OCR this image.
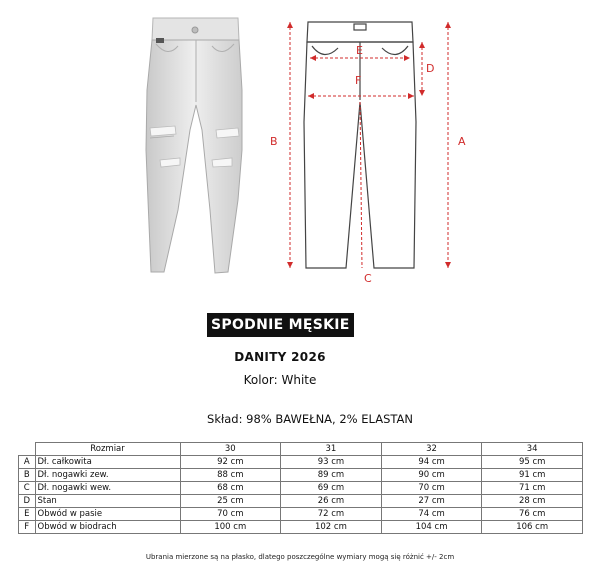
A
B
C
D
E
F
SPODNIE MĘSKIE
DANITY 2026
Kolor: White
Skład: 98% BAWEŁNA, 2% ELASTAN
	Rozmiar	30	31	32	34
A	Dł. całkowita	92 cm	93 cm	94 cm	95 cm
B	Dł. nogawki zew.	88 cm	89 cm	90 cm	91 cm
C	Dł. nogawki wew.	68 cm	69 cm	70 cm	71 cm
D	Stan	25 cm	26 cm	27 cm	28 cm
E	Obwód w pasie	70 cm	72 cm	74 cm	76 cm
F	Obwód w biodrach	100 cm	102 cm	104 cm	106 cm
Ubrania mierzone są na płasko, dlatego poszczególne wymiary mogą się różnić +/- 2cm
